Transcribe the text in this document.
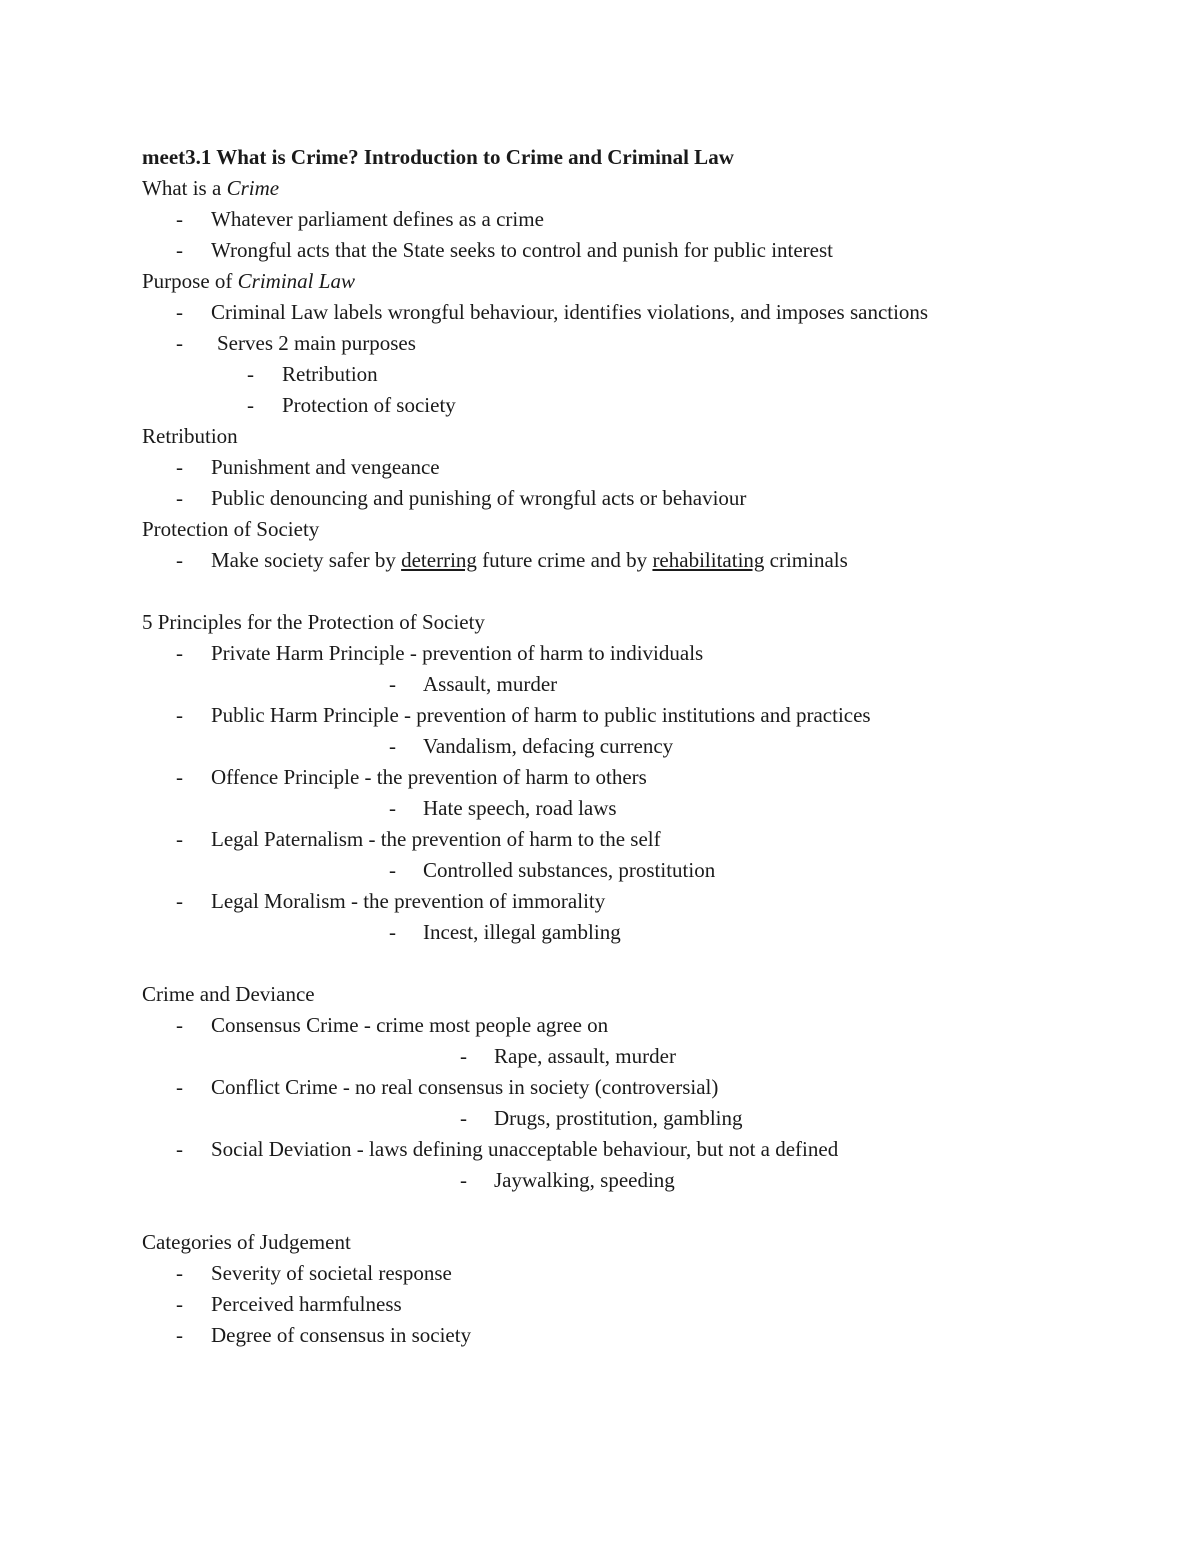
meet3.1 What is Crime? Introduction to Crime and Criminal Law
What is a Crime
- Whatever parliament defines as a crime
- Wrongful acts that the State seeks to control and punish for public interest
Purpose of Criminal Law
- Criminal Law labels wrongful behaviour, identifies violations, and imposes sanctions
- Serves 2 main purposes
- Retribution
- Protection of society
Retribution
- Punishment and vengeance
- Public denouncing and punishing of wrongful acts or behaviour
Protection of Society
- Make society safer by deterring future crime and by rehabilitating criminals
5 Principles for the Protection of Society
- Private Harm Principle - prevention of harm to individuals
- Assault, murder
- Public Harm Principle - prevention of harm to public institutions and practices
- Vandalism, defacing currency
- Offence Principle - the prevention of harm to others
- Hate speech, road laws
- Legal Paternalism - the prevention of harm to the self
- Controlled substances, prostitution
- Legal Moralism - the prevention of immorality
- Incest, illegal gambling
Crime and Deviance
- Consensus Crime - crime most people agree on
- Rape, assault, murder
- Conflict Crime - no real consensus in society (controversial)
- Drugs, prostitution, gambling
- Social Deviation - laws defining unacceptable behaviour, but not a defined
- Jaywalking, speeding
Categories of Judgement
- Severity of societal response
- Perceived harmfulness
- Degree of consensus in society
